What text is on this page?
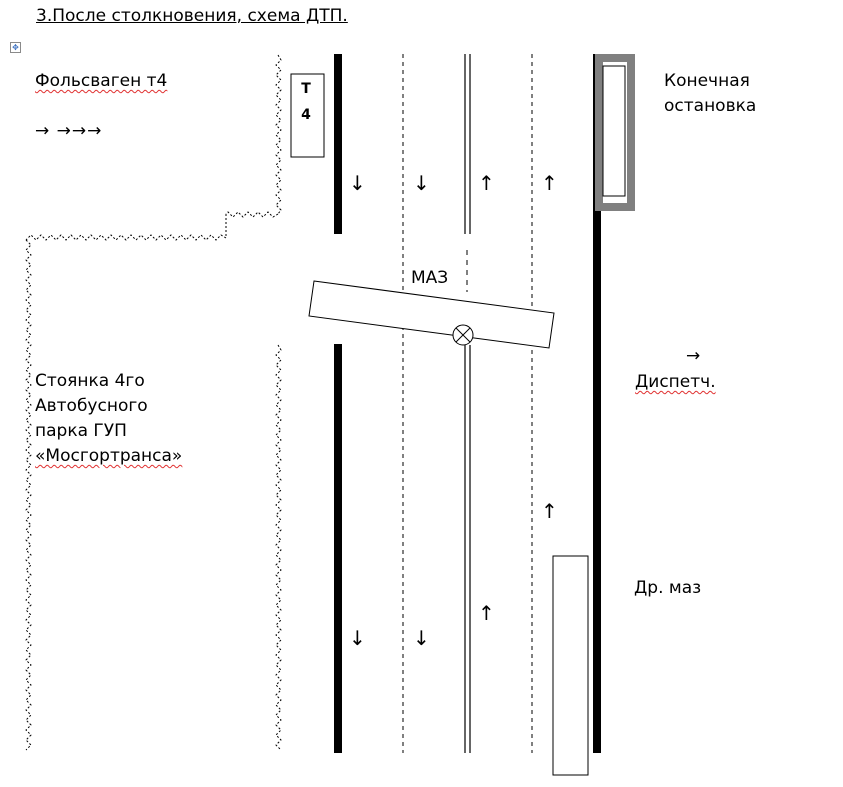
✥
3.После столкновения, схема ДТП.
↓ ↓ ↑ ↑
↑
↑
↓ ↓
Т
4
Фольсваген т4
→ →→→
Конечная
остановка
МАЗ
→
Диспетч.
Стоянка 4го
Автобусного
парка ГУП
«Мосгортранса»
Др. маз
